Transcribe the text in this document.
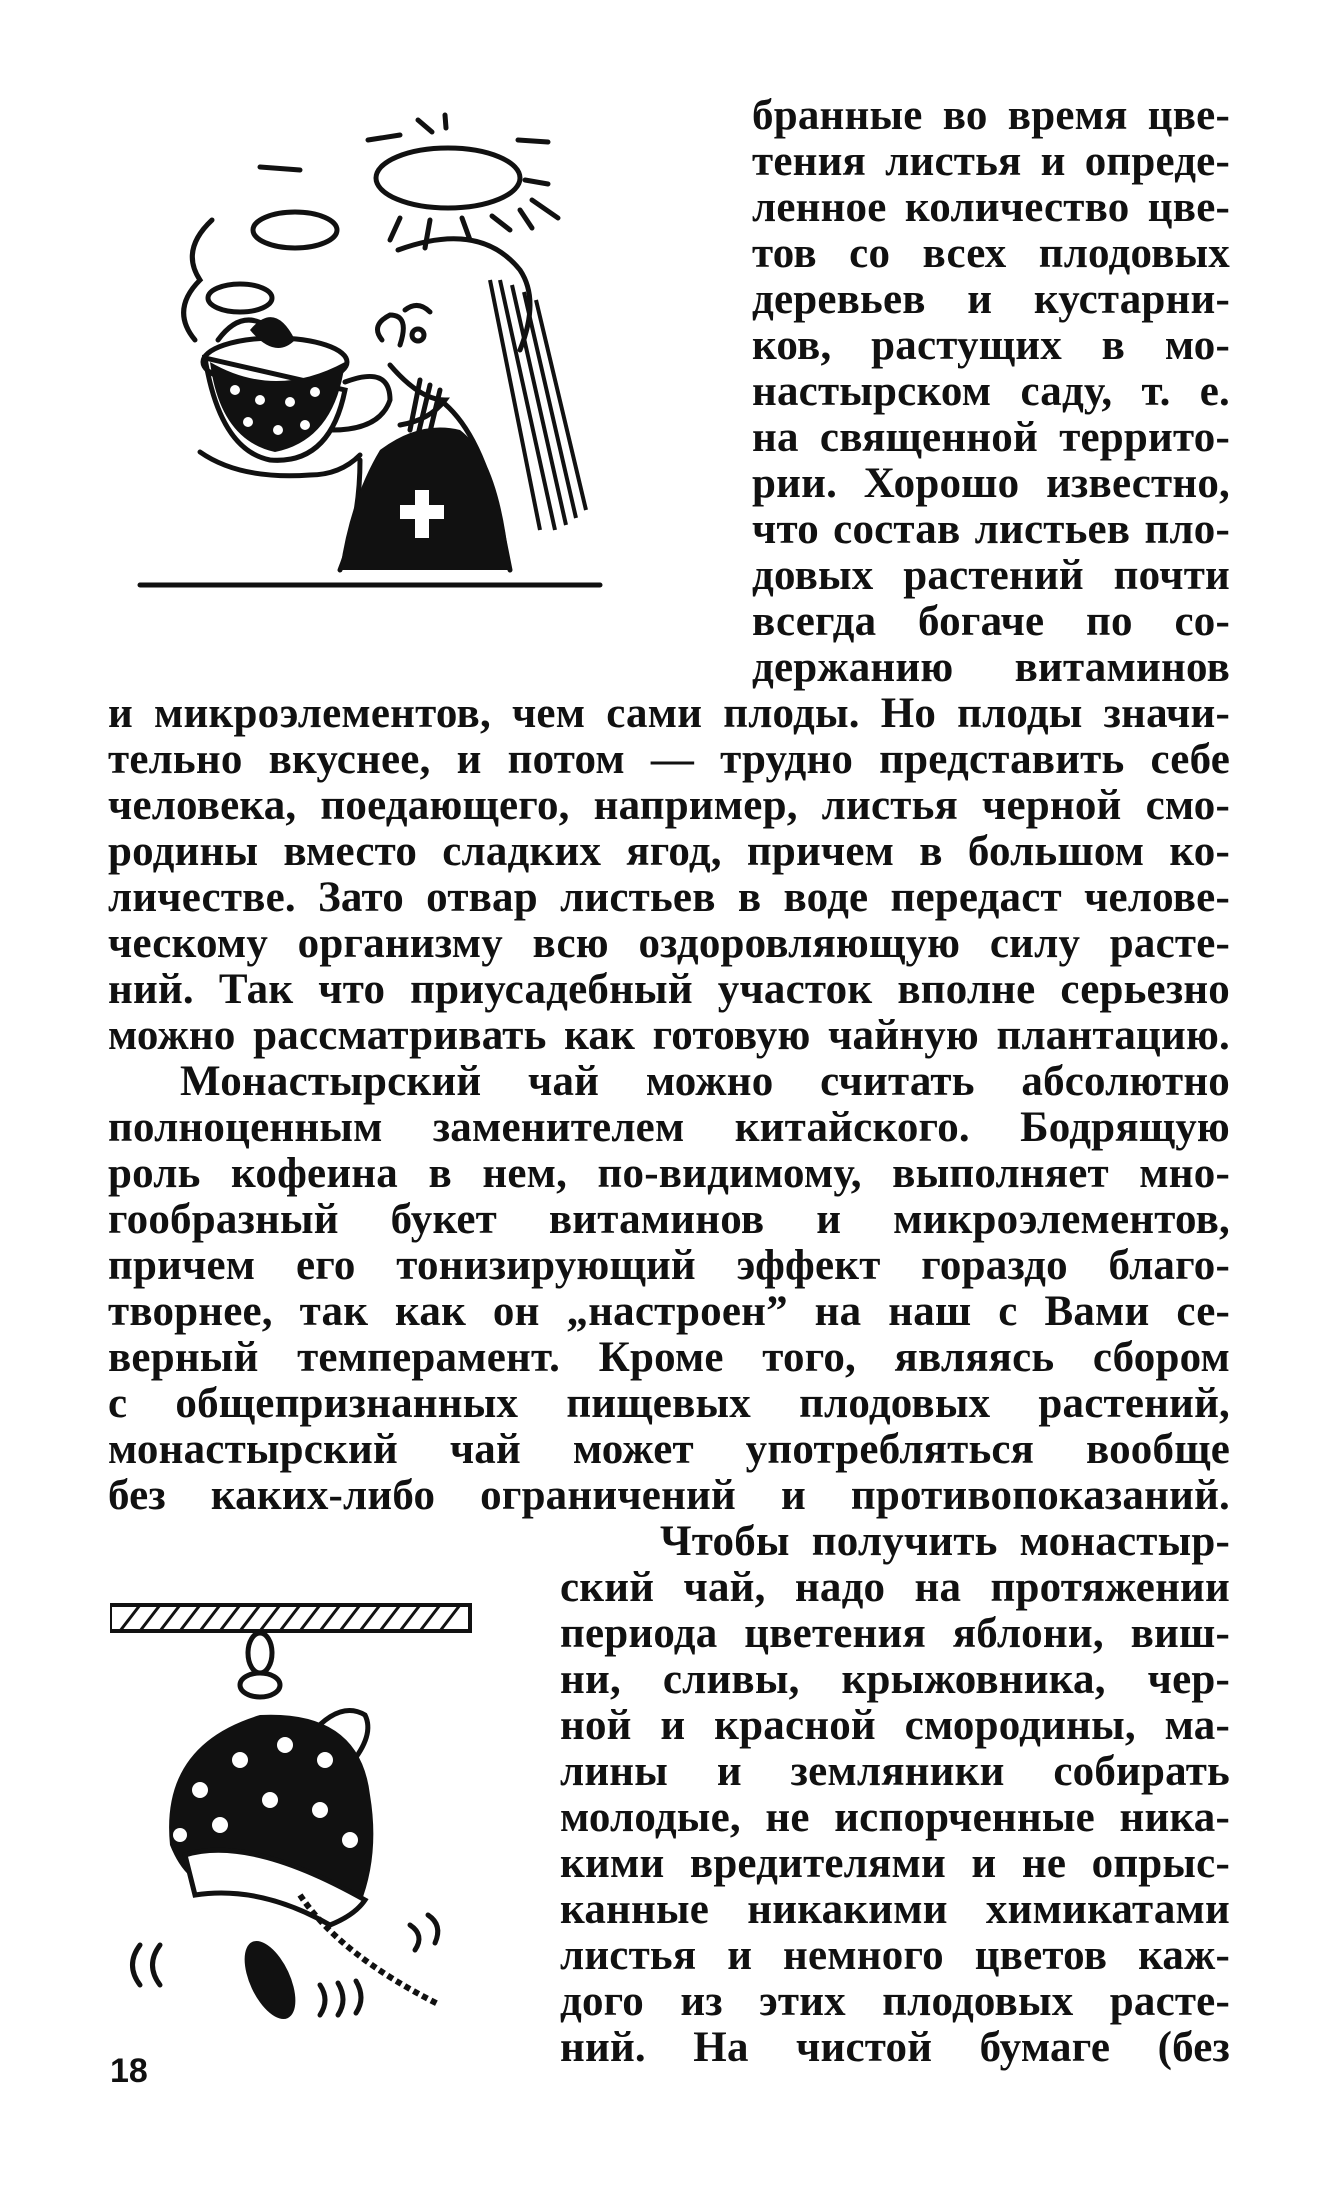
бранные во время цве-
тения листья и опреде-
ленное количество цве-
тов со всех плодовых
деревьев и кустарни-
ков, растущих в мо-
настырском саду, т. е.
на священной террито-
рии. Хорошо известно,
что состав листьев пло-
довых растений почти
всегда богаче по со-
держанию витаминов
и микроэлементов, чем сами плоды. Но плоды значи-
тельно вкуснее, и потом — трудно представить себе
человека, поедающего, например, листья черной смо-
родины вместо сладких ягод, причем в большом ко-
личестве. Зато отвар листьев в воде передаст челове-
ческому организму всю оздоровляющую силу расте-
ний. Так что приусадебный участок вполне серьезно
можно рассматривать как готовую чайную плантацию.
Монастырский чай можно считать абсолютно
полноценным заменителем китайского. Бодрящую
роль кофеина в нем, по-видимому, выполняет мно-
гообразный букет витаминов и микроэлементов,
причем его тонизирующий эффект гораздо благо-
творнее, так как он „настроен” на наш с Вами се-
верный темперамент. Кроме того, являясь сбором
с общепризнанных пищевых плодовых растений,
монастырский чай может употребляться вообще
без каких-либо ограничений и противопоказаний.
Чтобы получить монастыр-
ский чай, надо на протяжении
периода цветения яблони, виш-
ни, сливы, крыжовника, чер-
ной и красной смородины, ма-
лины и земляники собирать
молодые, не испорченные ника-
кими вредителями и не опрыс-
канные никакими химикатами
листья и немного цветов каж-
дого из этих плодовых расте-
ний. На чистой бумаге (без
18
